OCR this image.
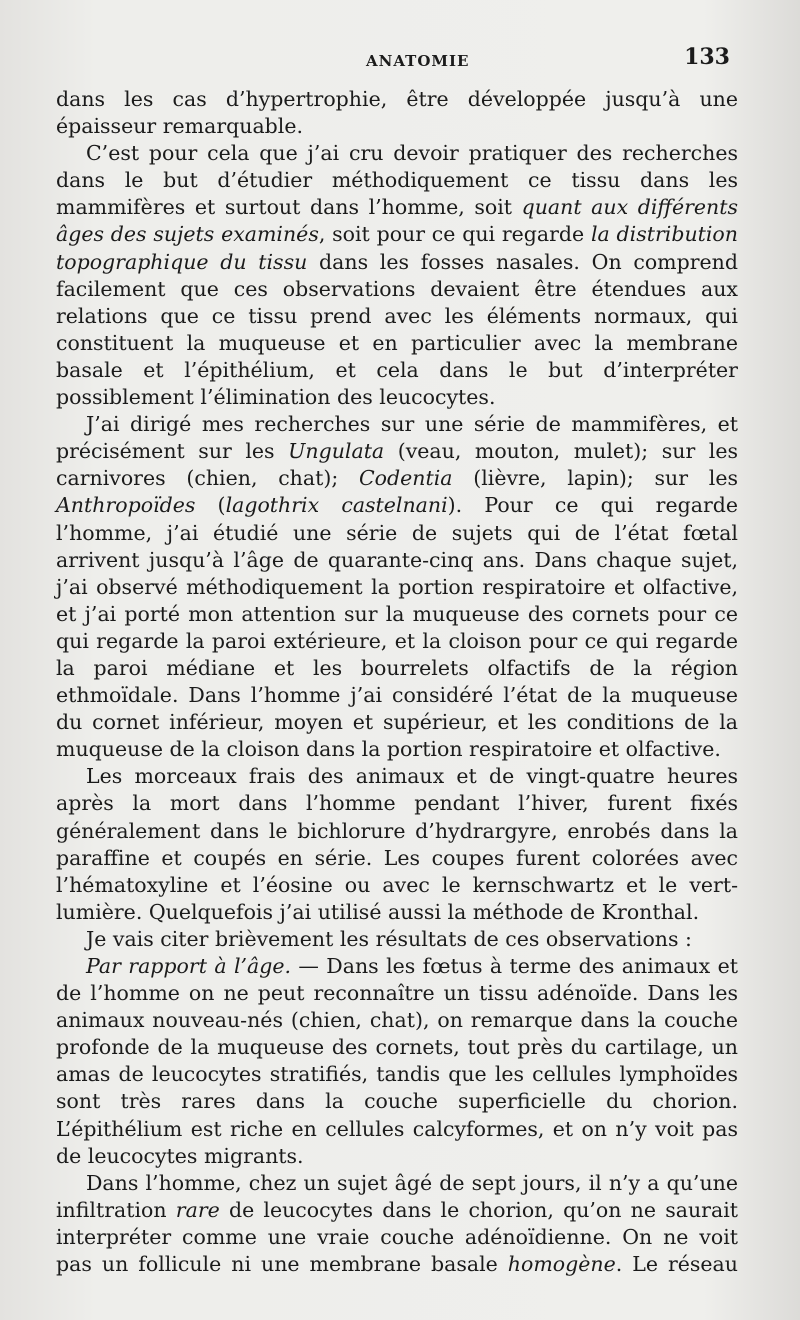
ANATOMIE	133

dans les cas d’hypertrophie, être développée jusqu’à une épaisseur remarquable.

C’est pour cela que j’ai cru devoir pratiquer des recherches dans le but d’étudier méthodiquement ce tissu dans les mammifères et surtout dans l’homme, soit quant aux différents âges des sujets examinés, soit pour ce qui regarde la distribution topographique du tissu dans les fosses nasales. On comprend facilement que ces observations devaient être étendues aux relations que ce tissu prend avec les éléments normaux, qui constituent la muqueuse et en particulier avec la membrane basale et l’épithélium, et cela dans le but d’interpréter possiblement l’élimination des leucocytes.

J’ai dirigé mes recherches sur une série de mammifères, et précisément sur les Ungulata (veau, mouton, mulet); sur les carnivores (chien, chat); Codentia (lièvre, lapin); sur les Anthropoïdes (lagothrix castelnani). Pour ce qui regarde l’homme, j’ai étudié une série de sujets qui de l’état fœtal arrivent jusqu’à l’âge de quarante-cinq ans. Dans chaque sujet, j’ai observé méthodiquement la portion respiratoire et olfactive, et j’ai porté mon attention sur la muqueuse des cornets pour ce qui regarde la paroi extérieure, et la cloison pour ce qui regarde la paroi médiane et les bourrelets olfactifs de la région ethmoïdale. Dans l’homme j’ai considéré l’état de la muqueuse du cornet inférieur, moyen et supérieur, et les conditions de la muqueuse de la cloison dans la portion respiratoire et olfactive.

Les morceaux frais des animaux et de vingt-quatre heures après la mort dans l’homme pendant l’hiver, furent fixés généralement dans le bichlorure d’hydrargyre, enrobés dans la paraffine et coupés en série. Les coupes furent colorées avec l’hématoxyline et l’éosine ou avec le kernschwartz et le vert-lumière. Quelquefois j’ai utilisé aussi la méthode de Kronthal.

Je vais citer brièvement les résultats de ces observations :

Par rapport à l’âge. — Dans les fœtus à terme des animaux et de l’homme on ne peut reconnaître un tissu adénoïde. Dans les animaux nouveau-nés (chien, chat), on remarque dans la couche profonde de la muqueuse des cornets, tout près du cartilage, un amas de leucocytes stratifiés, tandis que les cellules lymphoïdes sont très rares dans la couche superficielle du chorion. L’épithélium est riche en cellules calcyformes, et on n’y voit pas de leucocytes migrants.

Dans l’homme, chez un sujet âgé de sept jours, il n’y a qu’une infiltration rare de leucocytes dans le chorion, qu’on ne saurait interpréter comme une vraie couche adénoïdienne. On ne voit pas un follicule ni une membrane basale homogène. Le réseau
